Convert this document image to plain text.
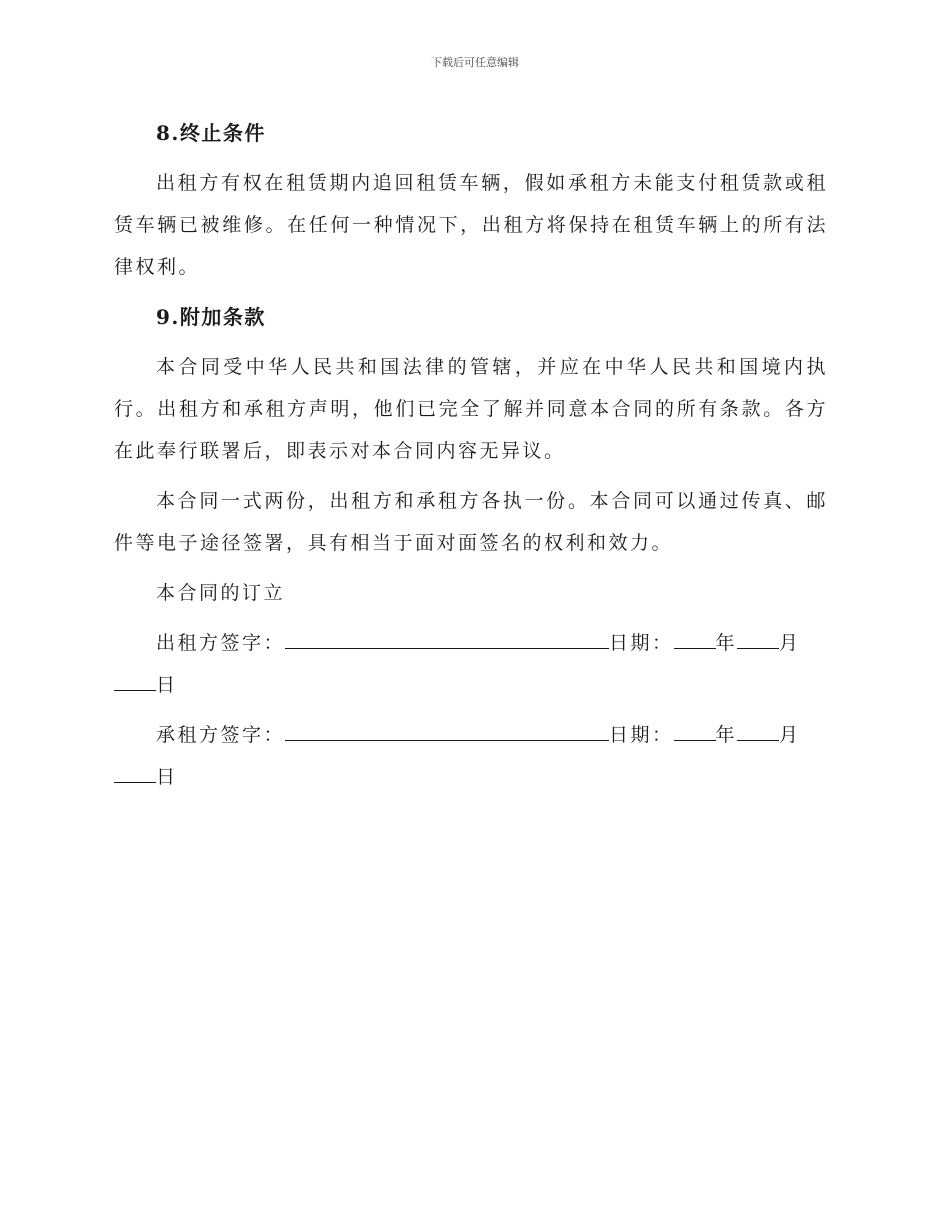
下载后可任意编辑
8.终止条件

出租方有权在租赁期内追回租赁车辆，假如承租方未能支付租赁款或租赁车辆已被维修。在任何一种情况下，出租方将保持在租赁车辆上的所有法律权利。

9.附加条款

本合同受中华人民共和国法律的管辖，并应在中华人民共和国境内执行。出租方和承租方声明，他们已完全了解并同意本合同的所有条款。各方在此奉行联署后，即表示对本合同内容无异议。

本合同一式两份，出租方和承租方各执一份。本合同可以通过传真、邮件等电子途径签署，具有相当于面对面签名的权利和效力。

本合同的订立

出租方签字：	日期： 年 月
日

承租方签字：	日期： 年 月
日
